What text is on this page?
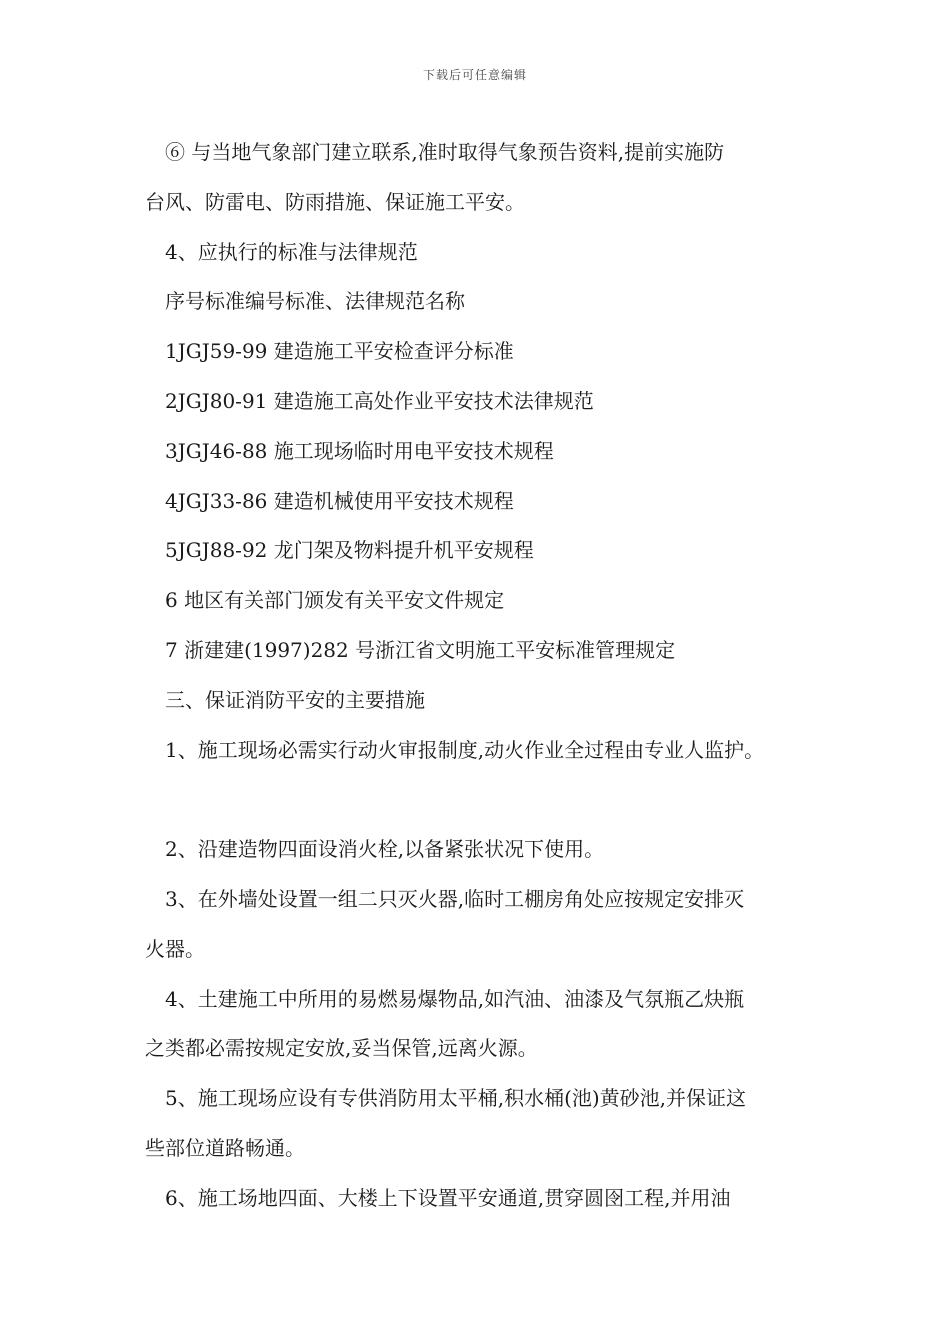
下载后可任意编辑

⑥ 与当地气象部门建立联系,准时取得气象预告资料,提前实施防

台风、防雷电、防雨措施、保证施工平安。

4、应执行的标准与法律规范

序号标准编号标准、法律规范名称

1JGJ59-99 建造施工平安检查评分标准

2JGJ80-91 建造施工高处作业平安技术法律规范

3JGJ46-88 施工现场临时用电平安技术规程

4JGJ33-86 建造机械使用平安技术规程

5JGJ88-92 龙门架及物料提升机平安规程

6 地区有关部门颁发有关平安文件规定

7 浙建建(1997)282 号浙江省文明施工平安标准管理规定

三、保证消防平安的主要措施

1、施工现场必需实行动火审报制度,动火作业全过程由专业人监护。

2、沿建造物四面设消火栓,以备紧张状况下使用。

3、在外墙处设置一组二只灭火器,临时工棚房角处应按规定安排灭

火器。

4、土建施工中所用的易燃易爆物品,如汽油、油漆及气氛瓶乙炔瓶

之类都必需按规定安放,妥当保管,远离火源。

5、施工现场应设有专供消防用太平桶,积水桶(池)黄砂池,并保证这

些部位道路畅通。

6、施工场地四面、大楼上下设置平安通道,贯穿圆囹工程,并用油
